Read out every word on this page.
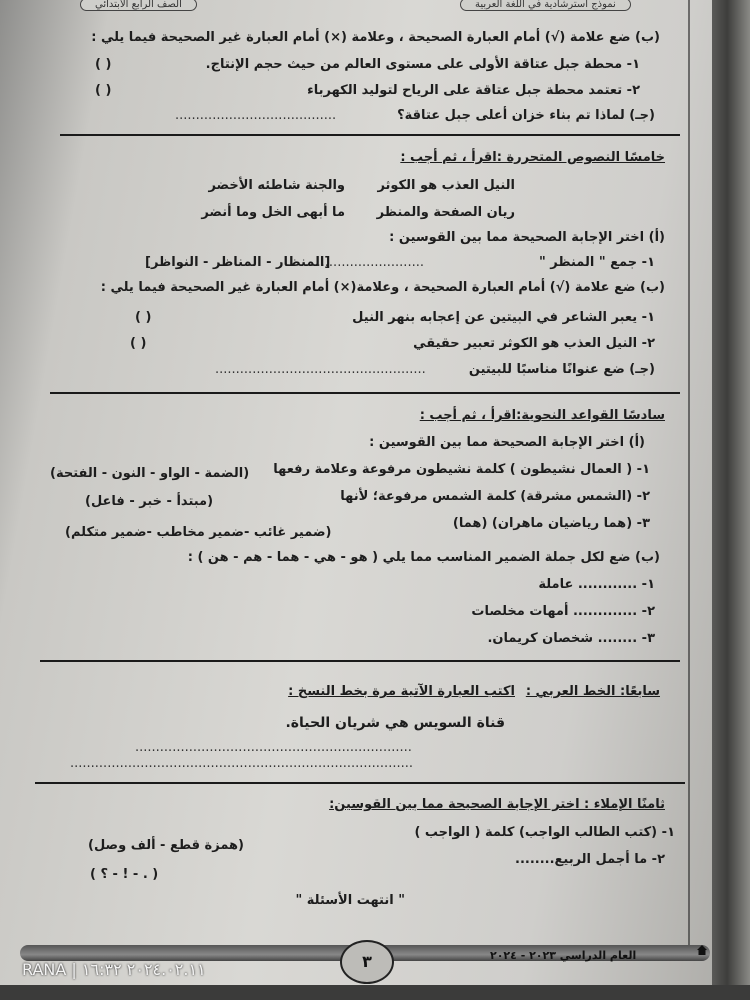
الصف الرابع الابتدائي	نموذج استرشادية في اللغة العربية
(ب) ضع علامة (√) أمام العبارة الصحيحة ، وعلامة (×) أمام العبارة غير الصحيحة فيما يلي :
١- محطة جبل عتاقة الأولى على مستوى العالم من حيث حجم الإنتاج.
( )
٢- تعتمد محطة جبل عتاقة على الرياح لتوليد الكهرباء
( )
(جـ) لماذا تم بناء خزان أعلى جبل عتاقة؟
.......................................
خامسًا النصوص المتحررة :اقرأ ، ثم أجب :
النيل العذب هو الكوثر
والجنة شاطئه الأخضر
ريان الصفحة والمنظر
ما أبهى الخل وما أنضر
(أ) اختر الإجابة الصحيحة مما بين القوسين :
١- جمع " المنظر "
..............................
[المنظار - المناظر - النواظر]
(ب) ضع علامة (√) أمام العبارة الصحيحة ، وعلامة(×) أمام العبارة غير الصحيحة فيما يلي :
١- يعبر الشاعر في البيتين عن إعجابه بنهر النيل
( )
٢- النيل العذب هو الكوثر تعبير حقيقي
( )
(جـ) ضع عنوانًا مناسبًا للبيتين
...................................................
سادسًا القواعد النحوية:اقرأ ، ثم أجب :
(أ) اختر الإجابة الصحيحة مما بين القوسين :
١- ( العمال نشيطون ) كلمة نشيطون مرفوعة وعلامة رفعها
(الضمة - الواو - النون - الفتحة)
٢- (الشمس مشرقة) كلمة الشمس مرفوعة؛ لأنها
(مبتدأ - خبر - فاعل)
٣- (هما رياضيان ماهران) (هما)
(ضمير غائب -ضمير مخاطب -ضمير متكلم)
(ب) ضع لكل جملة الضمير المناسب مما يلي ( هو - هي - هما - هم - هن ) :
١- ............ عاملة
٢- ............. أمهات مخلصات
٣- ........ شخصان كريمان.
سابعًا: الخط العربي :
اكتب العبارة الآتية مرة بخط النسخ :
قناة السويس هي شريان الحياة.
...................................................................
...................................................................................
ثامنًا الإملاء : اختر الإجابة الصحيحة مما بين القوسين:
١- (كتب الطالب الواجب) كلمة ( الواجب )
(همزة قطع - ألف وصل)
٢- ما أجمل الربيع........
( . - ! - ؟ )
" انتهت الأسئلة "
٣	العام الدراسي ٢٠٢٣ - ٢٠٢٤
RANA | ٢٠٢٤.٠٢.١١ ١٦:٣٢
